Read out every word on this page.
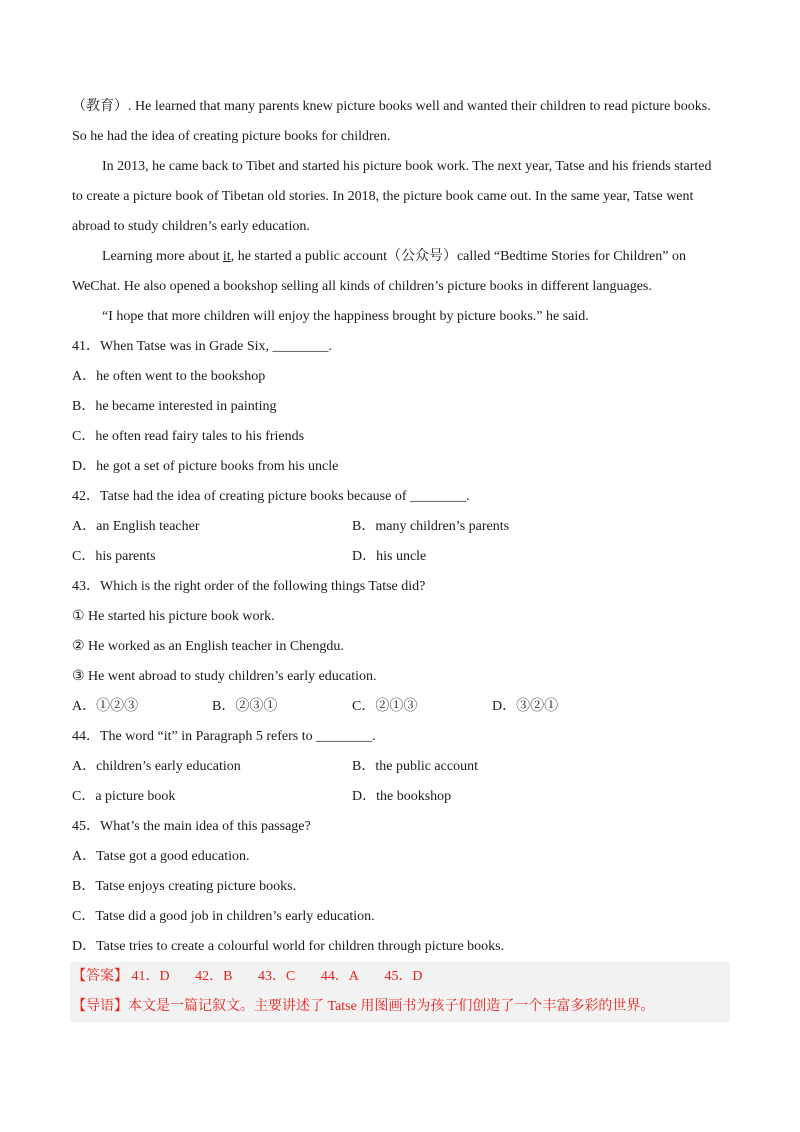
（教育）. He learned that many parents knew picture books well and wanted their children to read picture books.
So he had the idea of creating picture books for children.
In 2013, he came back to Tibet and started his picture book work. The next year, Tatse and his friends started
to create a picture book of Tibetan old stories. In 2018, the picture book came out. In the same year, Tatse went
abroad to study children’s early education.
Learning more about it, he started a public account（公众号）called “Bedtime Stories for Children” on
WeChat. He also opened a bookshop selling all kinds of children’s picture books in different languages.
“I hope that more children will enjoy the happiness brought by picture books.” he said.
41．When Tatse was in Grade Six, ________.
A．he often went to the bookshop
B．he became interested in painting
C．he often read fairy tales to his friends
D．he got a set of picture books from his uncle
42．Tatse had the idea of creating picture books because of ________.
A．an English teacher	B．many children’s parents
C．his parents	D．his uncle
43．Which is the right order of the following things Tatse did?
① He started his picture book work.
② He worked as an English teacher in Chengdu.
③ He went abroad to study children’s early education.
A．①②③	B．②③①	C．②①③	D．③②①
44．The word “it” in Paragraph 5 refers to ________.
A．children’s early education	B．the public account
C．a picture book	D．the bookshop
45．What’s the main idea of this passage?
A．Tatse got a good education.
B．Tatse enjoys creating picture books.
C．Tatse did a good job in children’s early education.
D．Tatse tries to create a colourful world for children through picture books.
【答案】 41．D 42．B 43．C 44．A 45．D
【导语】本文是一篇记叙文。主要讲述了 Tatse 用图画书为孩子们创造了一个丰富多彩的世界。
